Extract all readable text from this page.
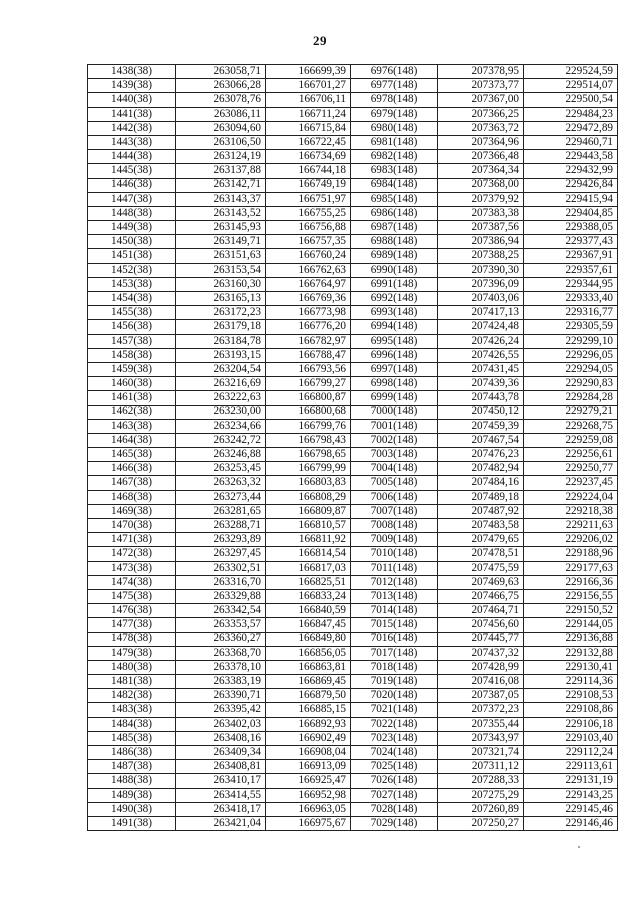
29
1438(38)	263058,71	166699,39	6976(148)	207378,95	229524,59
1439(38)	263066,28	166701,27	6977(148)	207373,77	229514,07
1440(38)	263078,76	166706,11	6978(148)	207367,00	229500,54
1441(38)	263086,11	166711,24	6979(148)	207366,25	229484,23
1442(38)	263094,60	166715,84	6980(148)	207363,72	229472,89
1443(38)	263106,50	166722,45	6981(148)	207364,96	229460,71
1444(38)	263124,19	166734,69	6982(148)	207366,48	229443,58
1445(38)	263137,88	166744,18	6983(148)	207364,34	229432,99
1446(38)	263142,71	166749,19	6984(148)	207368,00	229426,84
1447(38)	263143,37	166751,97	6985(148)	207379,92	229415,94
1448(38)	263143,52	166755,25	6986(148)	207383,38	229404,85
1449(38)	263145,93	166756,88	6987(148)	207387,56	229388,05
1450(38)	263149,71	166757,35	6988(148)	207386,94	229377,43
1451(38)	263151,63	166760,24	6989(148)	207388,25	229367,91
1452(38)	263153,54	166762,63	6990(148)	207390,30	229357,61
1453(38)	263160,30	166764,97	6991(148)	207396,09	229344,95
1454(38)	263165,13	166769,36	6992(148)	207403,06	229333,40
1455(38)	263172,23	166773,98	6993(148)	207417,13	229316,77
1456(38)	263179,18	166776,20	6994(148)	207424,48	229305,59
1457(38)	263184,78	166782,97	6995(148)	207426,24	229299,10
1458(38)	263193,15	166788,47	6996(148)	207426,55	229296,05
1459(38)	263204,54	166793,56	6997(148)	207431,45	229294,05
1460(38)	263216,69	166799,27	6998(148)	207439,36	229290,83
1461(38)	263222,63	166800,87	6999(148)	207443,78	229284,28
1462(38)	263230,00	166800,68	7000(148)	207450,12	229279,21
1463(38)	263234,66	166799,76	7001(148)	207459,39	229268,75
1464(38)	263242,72	166798,43	7002(148)	207467,54	229259,08
1465(38)	263246,88	166798,65	7003(148)	207476,23	229256,61
1466(38)	263253,45	166799,99	7004(148)	207482,94	229250,77
1467(38)	263263,32	166803,83	7005(148)	207484,16	229237,45
1468(38)	263273,44	166808,29	7006(148)	207489,18	229224,04
1469(38)	263281,65	166809,87	7007(148)	207487,92	229218,38
1470(38)	263288,71	166810,57	7008(148)	207483,58	229211,63
1471(38)	263293,89	166811,92	7009(148)	207479,65	229206,02
1472(38)	263297,45	166814,54	7010(148)	207478,51	229188,96
1473(38)	263302,51	166817,03	7011(148)	207475,59	229177,63
1474(38)	263316,70	166825,51	7012(148)	207469,63	229166,36
1475(38)	263329,88	166833,24	7013(148)	207466,75	229156,55
1476(38)	263342,54	166840,59	7014(148)	207464,71	229150,52
1477(38)	263353,57	166847,45	7015(148)	207456,60	229144,05
1478(38)	263360,27	166849,80	7016(148)	207445,77	229136,88
1479(38)	263368,70	166856,05	7017(148)	207437,32	229132,88
1480(38)	263378,10	166863,81	7018(148)	207428,99	229130,41
1481(38)	263383,19	166869,45	7019(148)	207416,08	229114,36
1482(38)	263390,71	166879,50	7020(148)	207387,05	229108,53
1483(38)	263395,42	166885,15	7021(148)	207372,23	229108,86
1484(38)	263402,03	166892,93	7022(148)	207355,44	229106,18
1485(38)	263408,16	166902,49	7023(148)	207343,97	229103,40
1486(38)	263409,34	166908,04	7024(148)	207321,74	229112,24
1487(38)	263408,81	166913,09	7025(148)	207311,12	229113,61
1488(38)	263410,17	166925,47	7026(148)	207288,33	229131,19
1489(38)	263414,55	166952,98	7027(148)	207275,29	229143,25
1490(38)	263418,17	166963,05	7028(148)	207260,89	229145,46
1491(38)	263421,04	166975,67	7029(148)	207250,27	229146,46
